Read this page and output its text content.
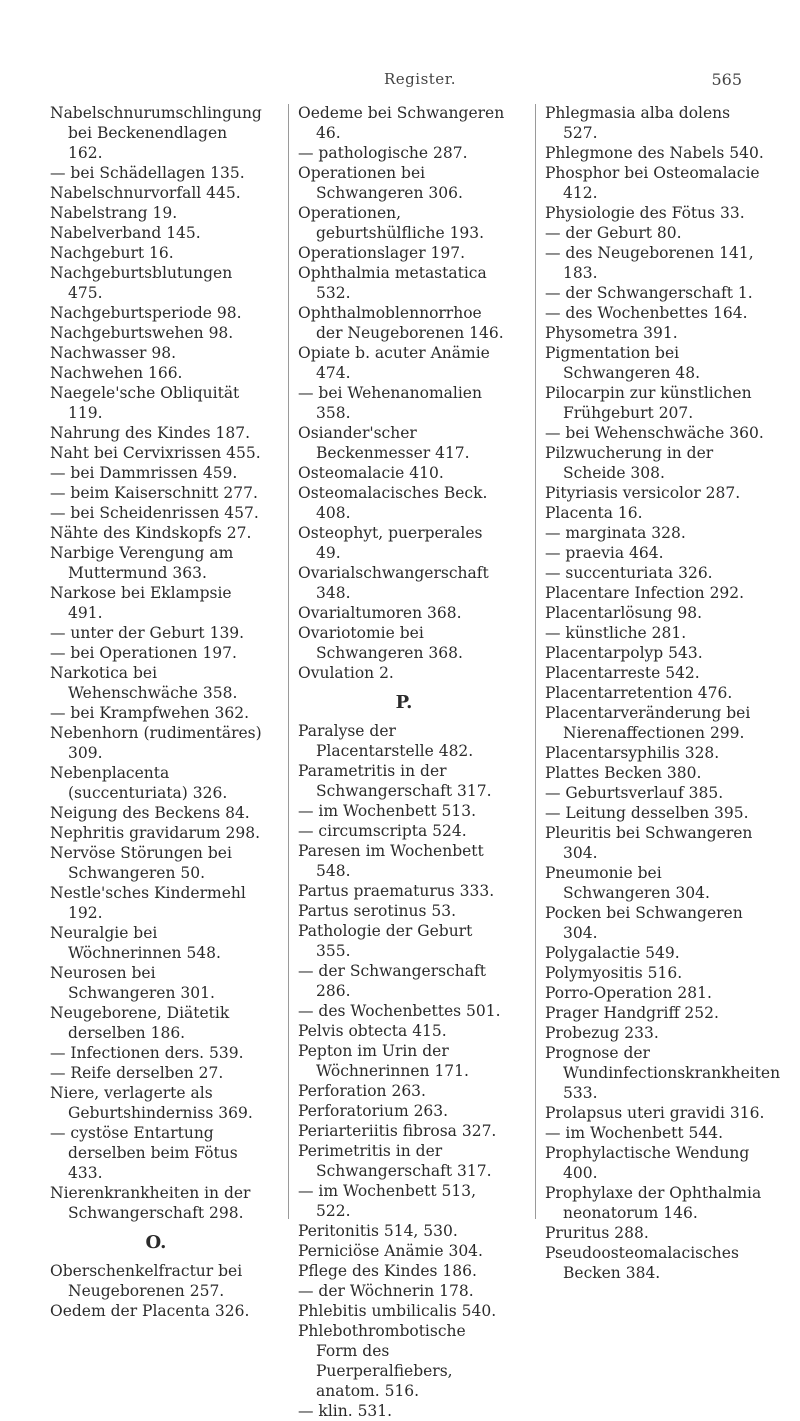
Register.	565

Nabelschnurumschlingung bei Beckenendlagen 162.

— bei Schädellagen 135.

Nabelschnurvorfall 445.

Nabelstrang 19.

Nabelverband 145.

Nachgeburt 16.

Nachgeburtsblutungen 475.

Nachgeburtsperiode 98.

Nachgeburtswehen 98.

Nachwasser 98.

Nachwehen 166.

Naegele'sche Obliquität 119.

Nahrung des Kindes 187.

Naht bei Cervixrissen 455.

— bei Dammrissen 459.

— beim Kaiserschnitt 277.

— bei Scheidenrissen 457.

Nähte des Kindskopfs 27.

Narbige Verengung am Muttermund 363.

Narkose bei Eklampsie 491.

— unter der Geburt 139.

— bei Operationen 197.

Narkotica bei Wehenschwäche 358.

— bei Krampfwehen 362.

Nebenhorn (rudimentäres) 309.

Nebenplacenta (succenturiata) 326.

Neigung des Beckens 84.

Nephritis gravidarum 298.

Nervöse Störungen bei Schwangeren 50.

Nestle'sches Kindermehl 192.

Neuralgie bei Wöchnerinnen 548.

Neurosen bei Schwangeren 301.

Neugeborene, Diätetik derselben 186.

— Infectionen ders. 539.

— Reife derselben 27.

Niere, verlagerte als Geburtshinderniss 369.

— cystöse Entartung derselben beim Fötus 433.

Nierenkrankheiten in der Schwangerschaft 298.

O.

Oberschenkelfractur bei Neugeborenen 257.

Oedem der Placenta 326.

Oedeme bei Schwangeren 46.

— pathologische 287.

Operationen bei Schwangeren 306.

Operationen, geburtshülfliche 193.

Operationslager 197.

Ophthalmia metastatica 532.

Ophthalmoblennorrhoe der Neugeborenen 146.

Opiate b. acuter Anämie 474.

— bei Wehenanomalien 358.

Osiander'scher Beckenmesser 417.

Osteomalacie 410.

Osteomalacisches Beck. 408.

Osteophyt, puerperales 49.

Ovarialschwangerschaft 348.

Ovarialtumoren 368.

Ovariotomie bei Schwangeren 368.

Ovulation 2.

P.

Paralyse der Placentarstelle 482.

Parametritis in der Schwangerschaft 317.

— im Wochenbett 513.

— circumscripta 524.

Paresen im Wochenbett 548.

Partus praematurus 333.

Partus serotinus 53.

Pathologie der Geburt 355.

— der Schwangerschaft 286.

— des Wochenbettes 501.

Pelvis obtecta 415.

Pepton im Urin der Wöchnerinnen 171.

Perforation 263.

Perforatorium 263.

Periarteriitis fibrosa 327.

Perimetritis in der Schwangerschaft 317.

— im Wochenbett 513, 522.

Peritonitis 514, 530.

Perniciöse Anämie 304.

Pflege des Kindes 186.

— der Wöchnerin 178.

Phlebitis umbilicalis 540.

Phlebothrombotische Form des Puerperalfiebers, anatom. 516.

— klin. 531.

Phlegmasia alba dolens 527.

Phlegmone des Nabels 540.

Phosphor bei Osteomalacie 412.

Physiologie des Fötus 33.

— der Geburt 80.

— des Neugeborenen 141, 183.

— der Schwangerschaft 1.

— des Wochenbettes 164.

Physometra 391.

Pigmentation bei Schwangeren 48.

Pilocarpin zur künstlichen Frühgeburt 207.

— bei Wehenschwäche 360.

Pilzwucherung in der Scheide 308.

Pityriasis versicolor 287.

Placenta 16.

— marginata 328.

— praevia 464.

— succenturiata 326.

Placentare Infection 292.

Placentarlösung 98.

— künstliche 281.

Placentarpolyp 543.

Placentarreste 542.

Placentarretention 476.

Placentarveränderung bei Nierenaffectionen 299.

Placentarsyphilis 328.

Plattes Becken 380.

— Geburtsverlauf 385.

— Leitung desselben 395.

Pleuritis bei Schwangeren 304.

Pneumonie bei Schwangeren 304.

Pocken bei Schwangeren 304.

Polygalactie 549.

Polymyositis 516.

Porro-Operation 281.

Prager Handgriff 252.

Probezug 233.

Prognose der Wundinfectionskrankheiten 533.

Prolapsus uteri gravidi 316.

— im Wochenbett 544.

Prophylactische Wendung 400.

Prophylaxe der Ophthalmia neonatorum 146.

Pruritus 288.

Pseudoosteomalacisches Becken 384.
